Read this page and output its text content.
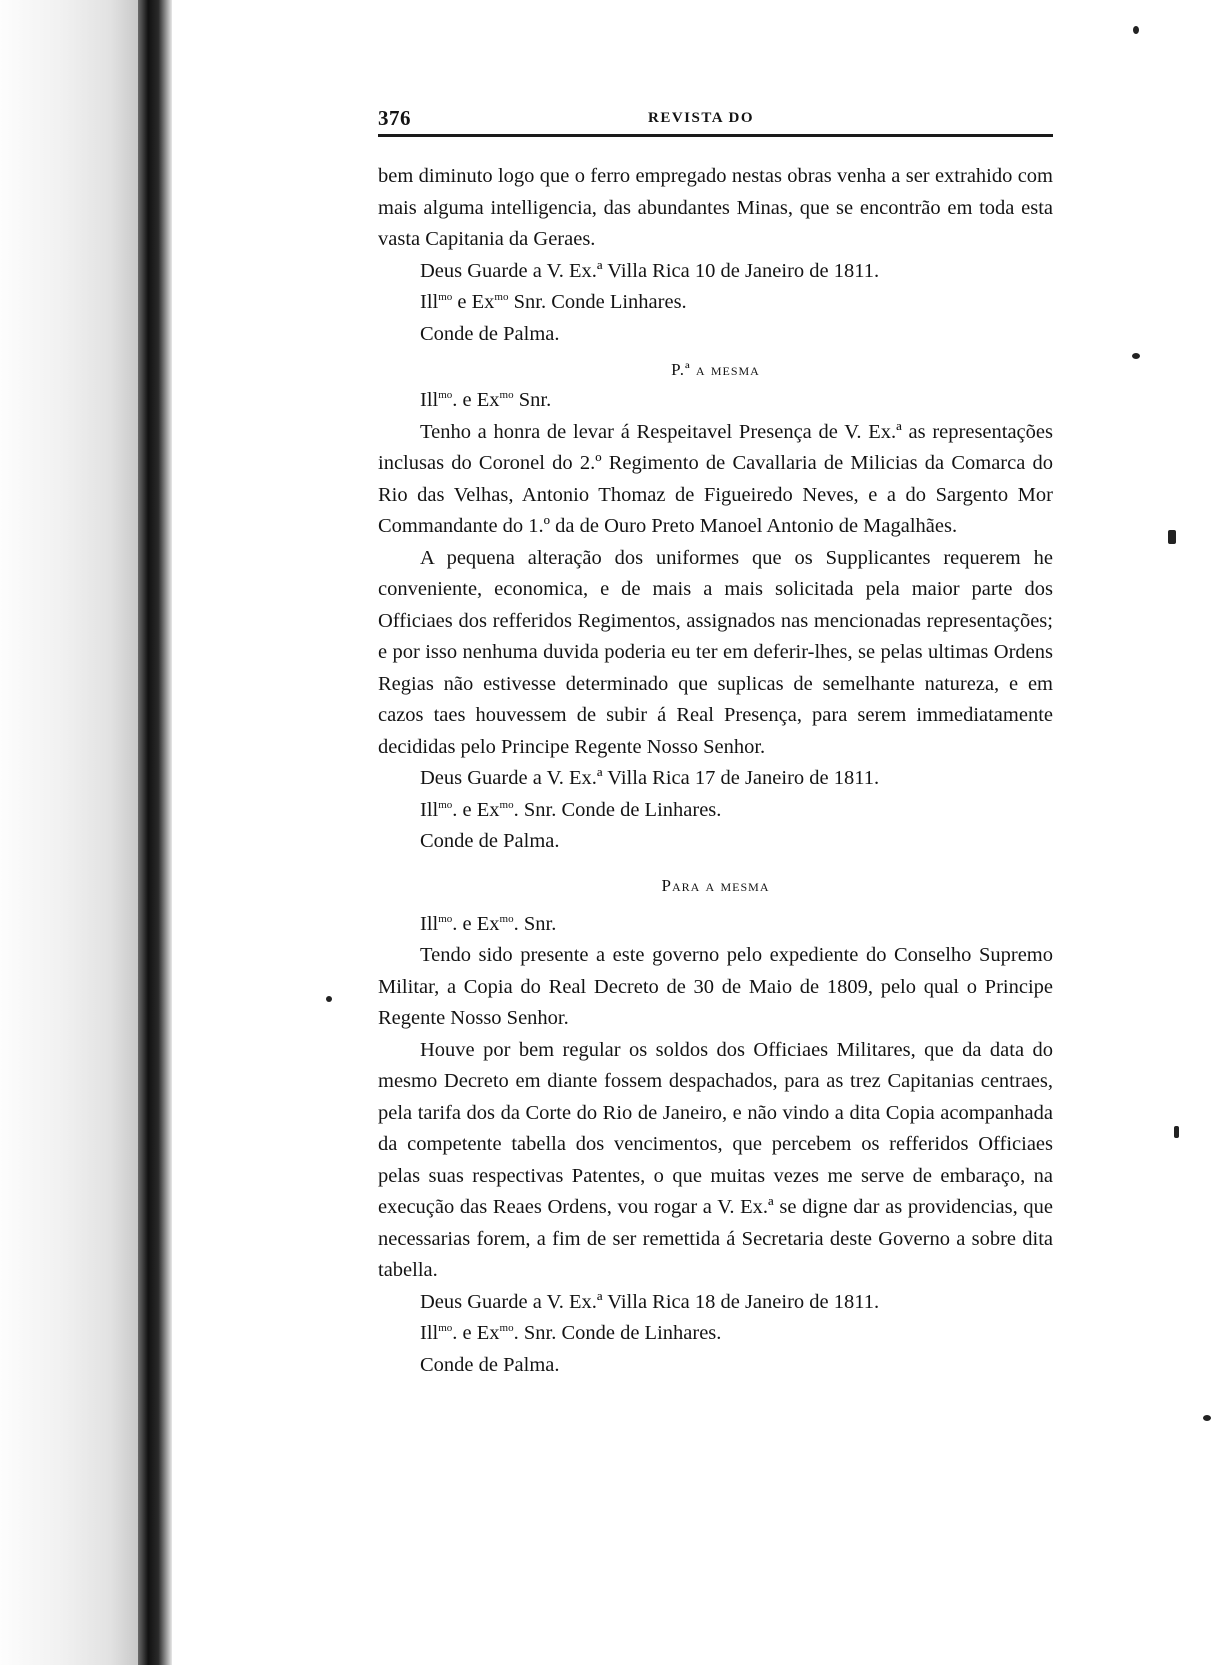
376	REVISTA DO

bem diminuto logo que o ferro empregado nestas obras venha a ser extrahido com mais alguma intelligencia, das abundantes Minas, que se encontrão em toda esta vasta Capitania da Geraes.

Deus Guarde a V. Ex.ª Villa Rica 10 de Janeiro de 1811.

Ill$^{mo}$ e $Ex^{mo}$ Snr. Conde Linhares.

Conde de Palma.

P.ª a mesma

Ill$^{mo}$. e $Ex^{mo}$ Snr.

Tenho a honra de levar á Respeitavel Presença de V. Ex.ª as representações inclusas do Coronel do 2.º Regimento de Cavallaria de Milicias da Comarca do Rio das Velhas, Antonio Thomaz de Figueiredo Neves, e a do Sargento Mor Commandante do 1.º da de Ouro Preto Manoel Antonio de Magalhães.

A pequena alteração dos uniformes que os Supplicantes requerem he conveniente, economica, e de mais a mais solicitada pela maior parte dos Officiaes dos refferidos Regimentos, assignados nas mencionadas representações; e por isso nenhuma duvida poderia eu ter em deferir-lhes, se pelas ultimas Ordens Regias não estivesse determinado que suplicas de semelhante natureza, e em cazos taes houvessem de subir á Real Presença, para serem immediatamente decididas pelo Principe Regente Nosso Senhor.

Deus Guarde a V. Ex.ª Villa Rica 17 de Janeiro de 1811.

Ill$^{mo}$. e $Ex^{mo}$. Snr. Conde de Linhares.

Conde de Palma.

Para a mesma

Ill$^{mo}$. e $Ex^{mo}$. Snr.

Tendo sido presente a este governo pelo expediente do Conselho Supremo Militar, a Copia do Real Decreto de 30 de Maio de 1809, pelo qual o Principe Regente Nosso Senhor.

Houve por bem regular os soldos dos Officiaes Militares, que da data do mesmo Decreto em diante fossem despachados, para as trez Capitanias centraes, pela tarifa dos da Corte do Rio de Janeiro, e não vindo a dita Copia acompanhada da competente tabella dos vencimentos, que percebem os refferidos Officiaes pelas suas respectivas Patentes, o que muitas vezes me serve de embaraço, na execução das Reaes Ordens, vou rogar a V. Ex.ª se digne dar as providencias, que necessarias forem, a fim de ser remettida á Secretaria deste Governo a sobre dita tabella.

Deus Guarde a V. Ex.ª Villa Rica 18 de Janeiro de 1811.

Ill$^{mo}$. e $Ex^{mo}$. Snr. Conde de Linhares.

Conde de Palma.
